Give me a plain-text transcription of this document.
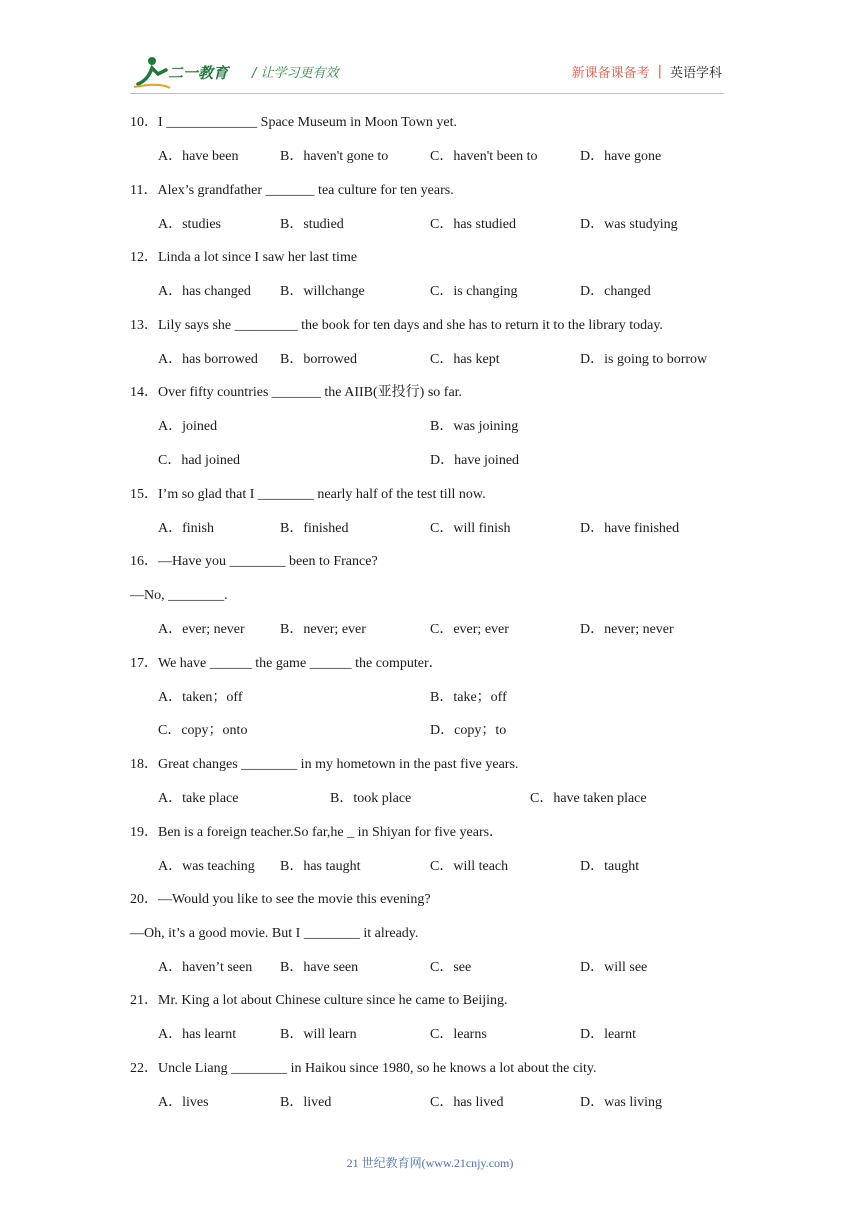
二一教育 / 让学习更有效	新课备课备考 | 英语学科
10．I _____________ Space Museum in Moon Town yet.
A．have been	B．haven't gone to	C．haven't been to	D．have gone
11．Alex’s grandfather _______ tea culture for ten years.
A．studies	B．studied	C．has studied	D．was studying
12．Linda a lot since I saw her last time
A．has changed B．willchange	C．is changing	D．changed
13．Lily says she _________ the book for ten days and she has to return it to the library today.
A．has borrowed B．borrowed	C．has kept	D．is going to borrow
14．Over fifty countries _______ the AIIB(亚投行) so far.
A．joined	B．was joining
C．had joined	D．have joined
15．I’m so glad that I ________ nearly half of the test till now.
A．finish	B．finished	C．will finish	D．have finished
16．—Have you ________ been to France?
—No, ________.
A．ever; never	B．never; ever	C．ever; ever	D．never; never
17．We have ______ the game ______ the computer．
A．taken；off	B．take；off
C．copy；onto	D．copy；to
18．Great changes ________ in my hometown in the past five years.
A．take place	B．took place	C．have taken place
19．Ben is a foreign teacher.So far,he _ in Shiyan for five years．
A．was teaching B．has taught	C．will teach	D．taught
20．—Would you like to see the movie this evening?
—Oh, it’s a good movie. But I ________ it already.
A．haven’t seen B．have seen	C．see	D．will see
21．Mr. King a lot about Chinese culture since he came to Beijing.
A．has learnt	B．will learn	C．learns	D．learnt
22．Uncle Liang ________ in Haikou since 1980, so he knows a lot about the city.
A．lives	B．lived	C．has lived	D．was living
21 世纪教育网(www.21cnjy.com)
